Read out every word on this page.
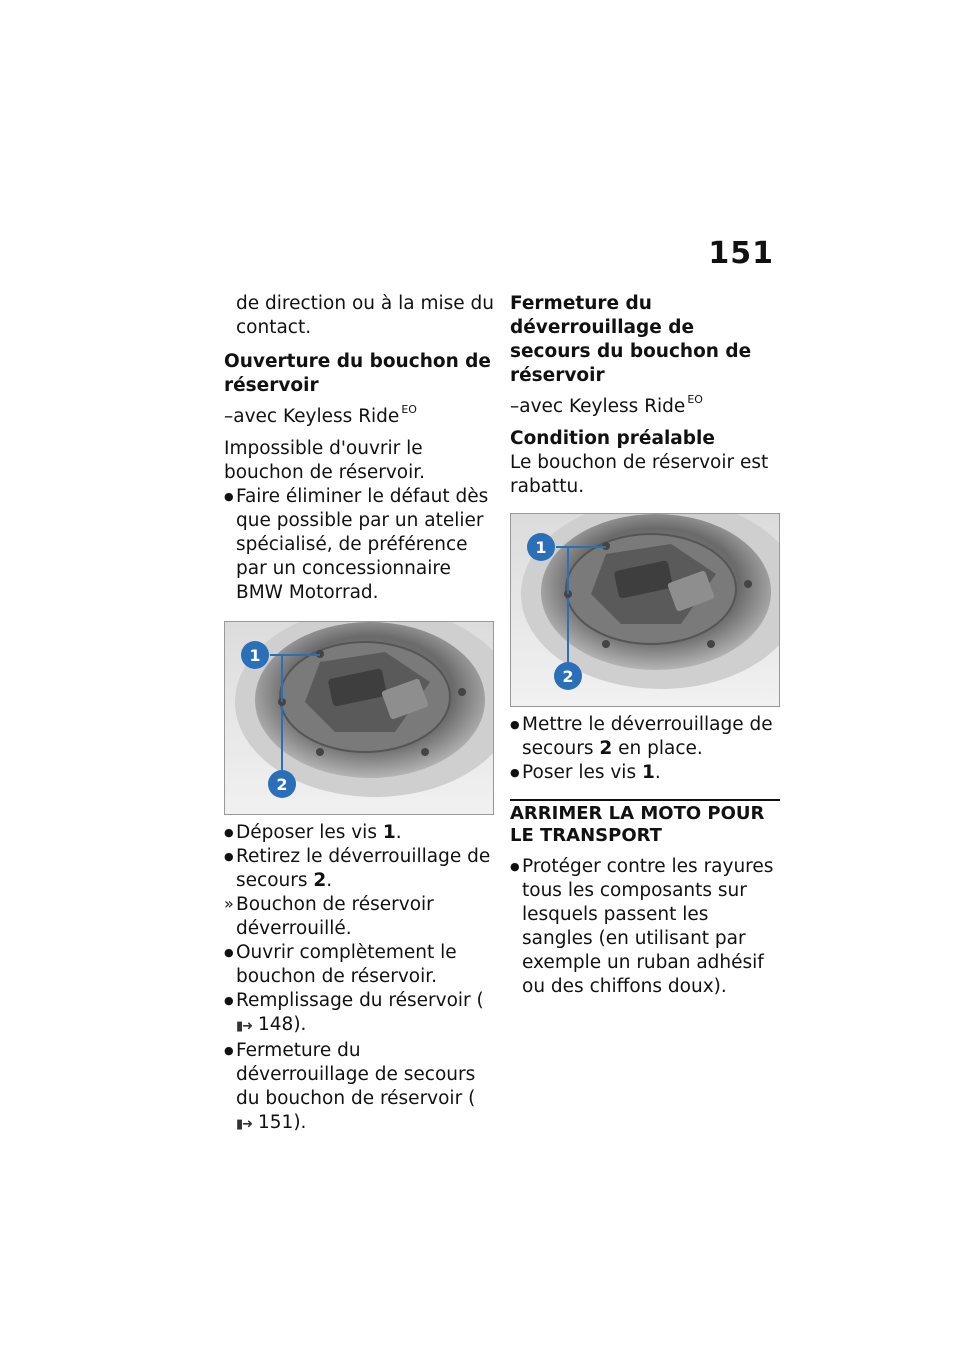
151

de direction ou à la mise du

contact.

Ouverture du bouchon de réservoir

–avec Keyless Ride $^{EO}$

Impossible d'ouvrir le bouchon de réservoir.

● Faire éliminer le défaut dès que possible par un atelier spécialisé, de préférence par un concessionnaire BMW Motorrad.
1
2
● Déposer les vis 1.
● Retirez le déverrouillage de secours 2.
» Bouchon de réservoir déverrouillé.
● Ouvrir complètement le bouchon de réservoir.
● Remplissage du réservoir (▮➜ 148).
● Fermeture du déverrouillage de secours du bouchon de réservoir (▮➜ 151).

Fermeture du déverrouillage de secours du bouchon de réservoir

–avec Keyless Ride $^{EO}$

Condition préalable

Le bouchon de réservoir est rabattu.

1
2
● Mettre le déverrouillage de secours 2 en place.
● Poser les vis 1.

ARRIMER LA MOTO POUR LE TRANSPORT

● Protéger contre les rayures tous les composants sur lesquels passent les sangles (en utilisant par exemple un ruban adhésif ou des chiffons doux).
